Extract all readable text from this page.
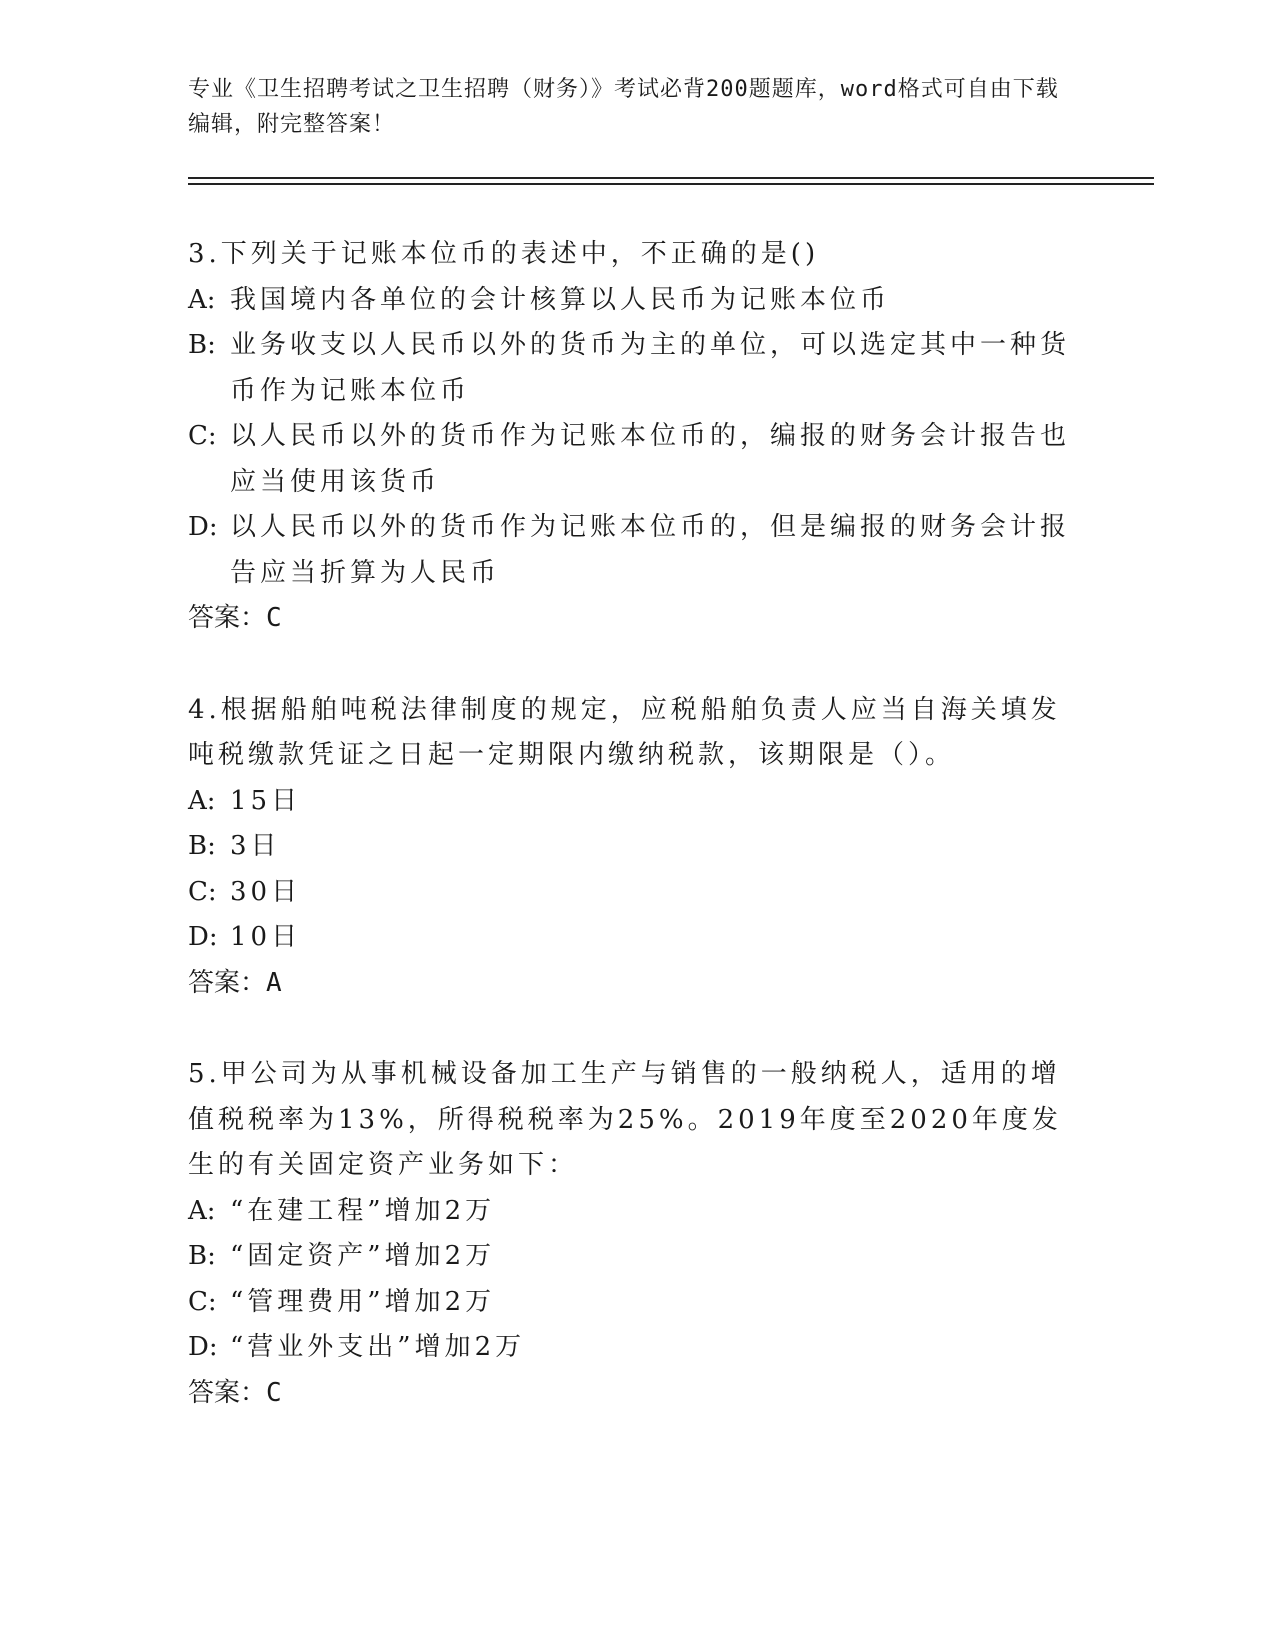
专业《卫生招聘考试之卫生招聘（财务）》考试必背200题题库，word格式可自由下载编辑，附完整答案！

3.下列关于记账本位币的表述中，不正确的是()

A: 我国境内各单位的会计核算以人民币为记账本位币
B: 业务收支以人民币以外的货币为主的单位，可以选定其中一种货币作为记账本位币
C: 以人民币以外的货币作为记账本位币的，编报的财务会计报告也应当使用该货币
D: 以人民币以外的货币作为记账本位币的，但是编报的财务会计报告应当折算为人民币

答案：C

4.根据船舶吨税法律制度的规定，应税船舶负责人应当自海关填发吨税缴款凭证之日起一定期限内缴纳税款，该期限是（）。

A: 15日
B: 3日
C: 30日
D: 10日

答案：A

5.甲公司为从事机械设备加工生产与销售的一般纳税人，适用的增值税税率为13%，所得税税率为25%。2019年度至2020年度发生的有关固定资产业务如下：

A: “在建工程”增加2万
B: “固定资产”增加2万
C: “管理费用”增加2万
D: “营业外支出”增加2万

答案：C
